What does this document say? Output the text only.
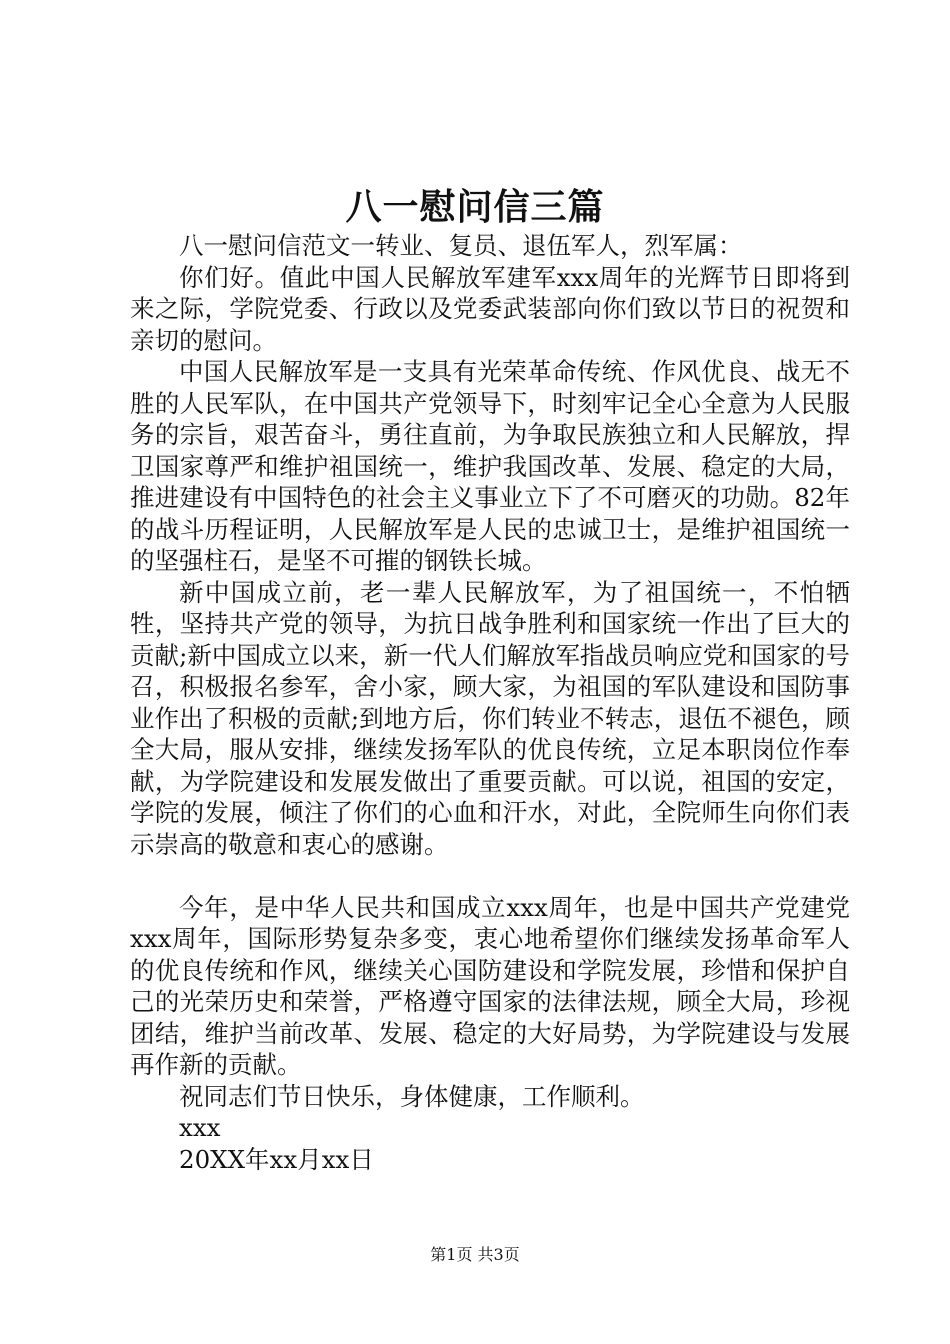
八一慰问信三篇

八一慰问信范文一转业、复员、退伍军人，烈军属：

你们好。值此中国人民解放军建军xxx周年的光辉节日即将到来之际，学院党委、行政以及党委武装部向你们致以节日的祝贺和亲切的慰问。

中国人民解放军是一支具有光荣革命传统、作风优良、战无不胜的人民军队，在中国共产党领导下，时刻牢记全心全意为人民服务的宗旨，艰苦奋斗，勇往直前，为争取民族独立和人民解放，捍卫国家尊严和维护祖国统一，维护我国改革、发展、稳定的大局，推进建设有中国特色的社会主义事业立下了不可磨灭的功勋。82年的战斗历程证明，人民解放军是人民的忠诚卫士，是维护祖国统一的坚强柱石，是坚不可摧的钢铁长城。

新中国成立前，老一辈人民解放军，为了祖国统一，不怕牺牲，坚持共产党的领导，为抗日战争胜利和国家统一作出了巨大的贡献;新中国成立以来，新一代人们解放军指战员响应党和国家的号召，积极报名参军，舍小家，顾大家，为祖国的军队建设和国防事业作出了积极的贡献;到地方后，你们转业不转志，退伍不褪色，顾全大局，服从安排，继续发扬军队的优良传统，立足本职岗位作奉献，为学院建设和发展发做出了重要贡献。可以说，祖国的安定，学院的发展，倾注了你们的心血和汗水，对此，全院师生向你们表示崇高的敬意和衷心的感谢。

今年，是中华人民共和国成立xxx周年，也是中国共产党建党xxx周年，国际形势复杂多变，衷心地希望你们继续发扬革命军人的优良传统和作风，继续关心国防建设和学院发展，珍惜和保护自己的光荣历史和荣誉，严格遵守国家的法律法规，顾全大局，珍视团结，维护当前改革、发展、稳定的大好局势，为学院建设与发展再作新的贡献。

祝同志们节日快乐，身体健康，工作顺利。

xxx

20XX年xx月xx日

第1页 共3页
